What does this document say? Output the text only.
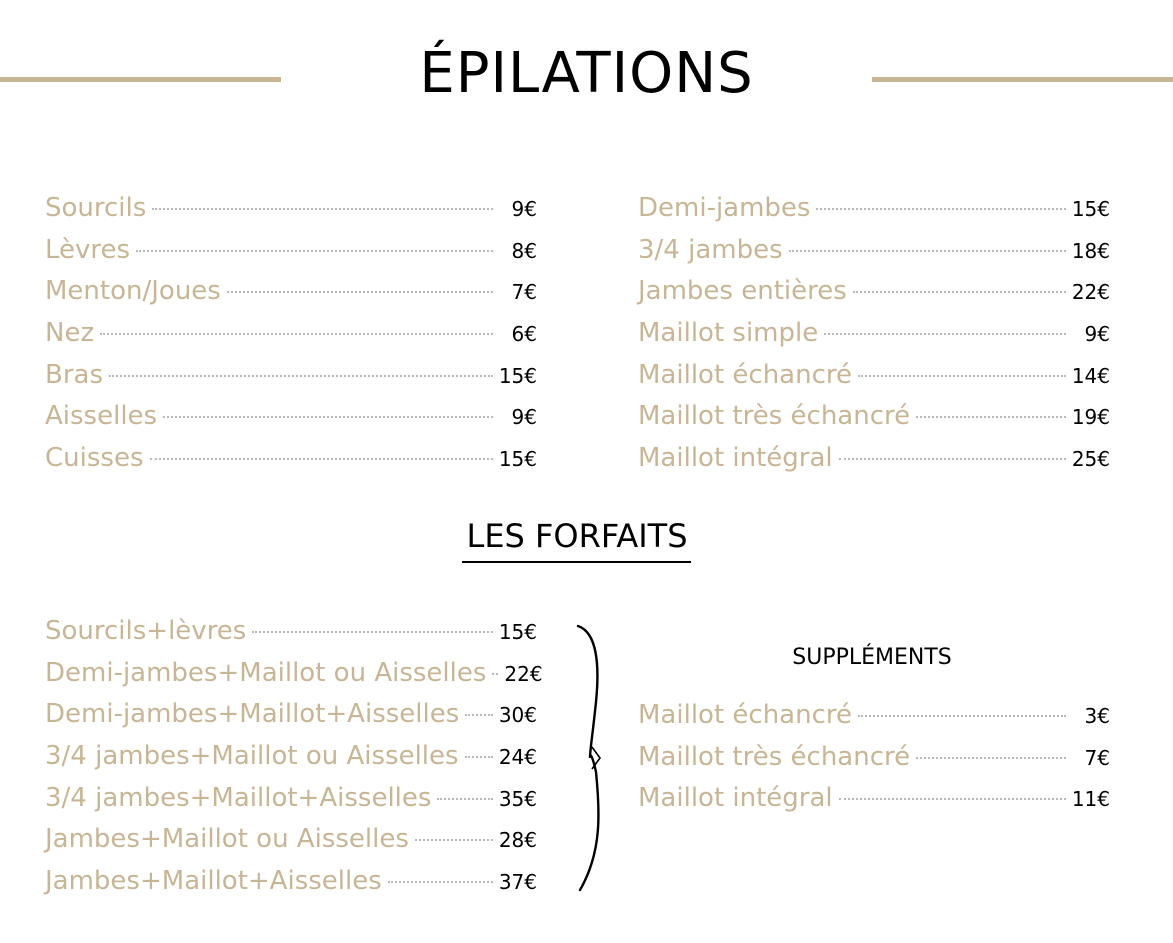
ÉPILATIONS
Sourcils	9€
Lèvres	8€
Menton/Joues	7€
Nez	6€
Bras	15€
Aisselles	9€
Cuisses	15€
Demi-jambes	15€
3/4 jambes	18€
Jambes entières	22€
Maillot simple	9€
Maillot échancré	14€
Maillot très échancré	19€
Maillot intégral	25€
LES FORFAITS
Sourcils+lèvres	15€
Demi-jambes+Maillot ou Aisselles 22€
Demi-jambes+Maillot+Aisselles 30€
3/4 jambes+Maillot ou Aisselles 24€
3/4 jambes+Maillot+Aisselles	35€
Jambes+Maillot ou Aisselles	28€
Jambes+Maillot+Aisselles	37€
SUPPLÉMENTS
Maillot échancré	3€
Maillot très échancré	7€
Maillot intégral	11€
